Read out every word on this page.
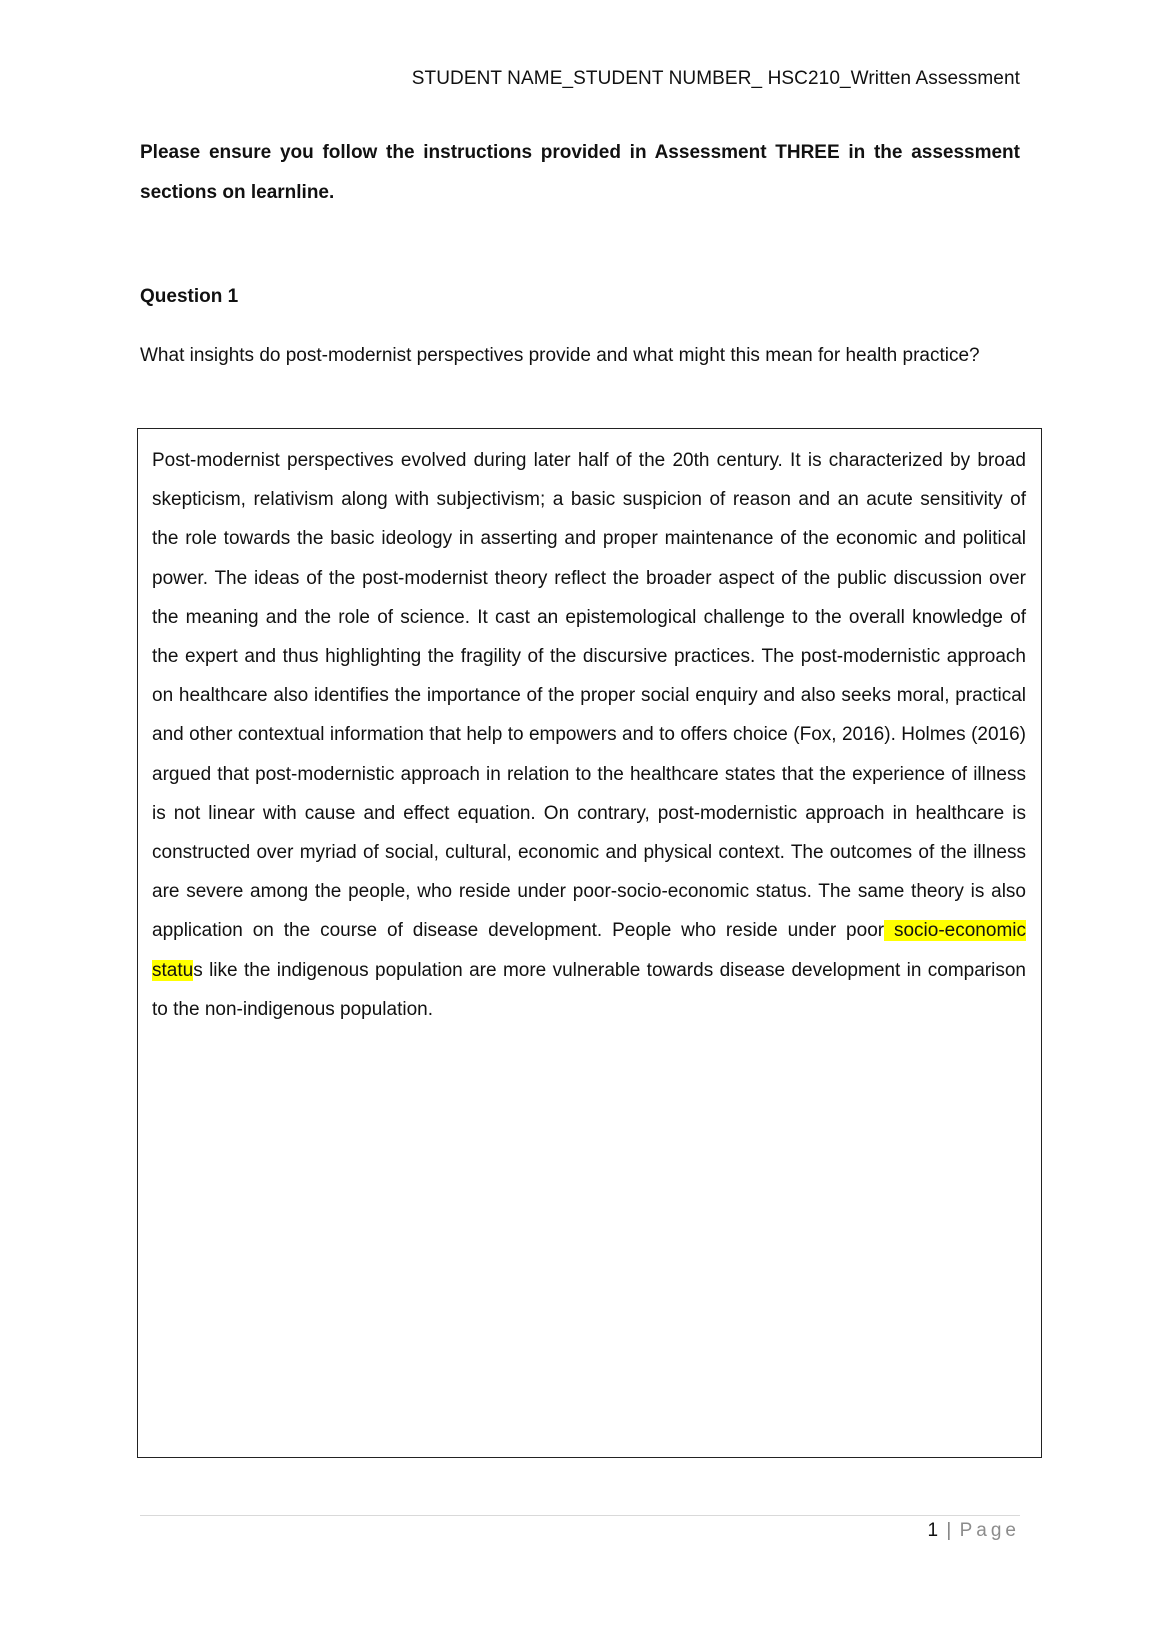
STUDENT NAME_STUDENT NUMBER_ HSC210_Written Assessment
Please ensure you follow the instructions provided in Assessment THREE in the assessment sections on learnline.
Question 1
What insights do post-modernist perspectives provide and what might this mean for health practice?

Post-modernist perspectives evolved during later half of the 20th century. It is characterized by broad skepticism, relativism along with subjectivism; a basic suspicion of reason and an acute sensitivity of the role towards the basic ideology in asserting and proper maintenance of the economic and political power. The ideas of the post-modernist theory reflect the broader aspect of the public discussion over the meaning and the role of science. It cast an epistemological challenge to the overall knowledge of the expert and thus highlighting the fragility of the discursive practices. The post-modernistic approach on healthcare also identifies the importance of the proper social enquiry and also seeks moral, practical and other contextual information that help to empowers and to offers choice (Fox, 2016). Holmes (2016) argued that post-modernistic approach in relation to the healthcare states that the experience of illness is not linear with cause and effect equation. On contrary, post-modernistic approach in healthcare is constructed over myriad of social, cultural, economic and physical context. The outcomes of the illness are severe among the people, who reside under poor-socio-economic status. The same theory is also application on the course of disease development. People who reside under poor socio-economic status like the indigenous population are more vulnerable towards disease development in comparison to the non-indigenous population.

1 | Page
